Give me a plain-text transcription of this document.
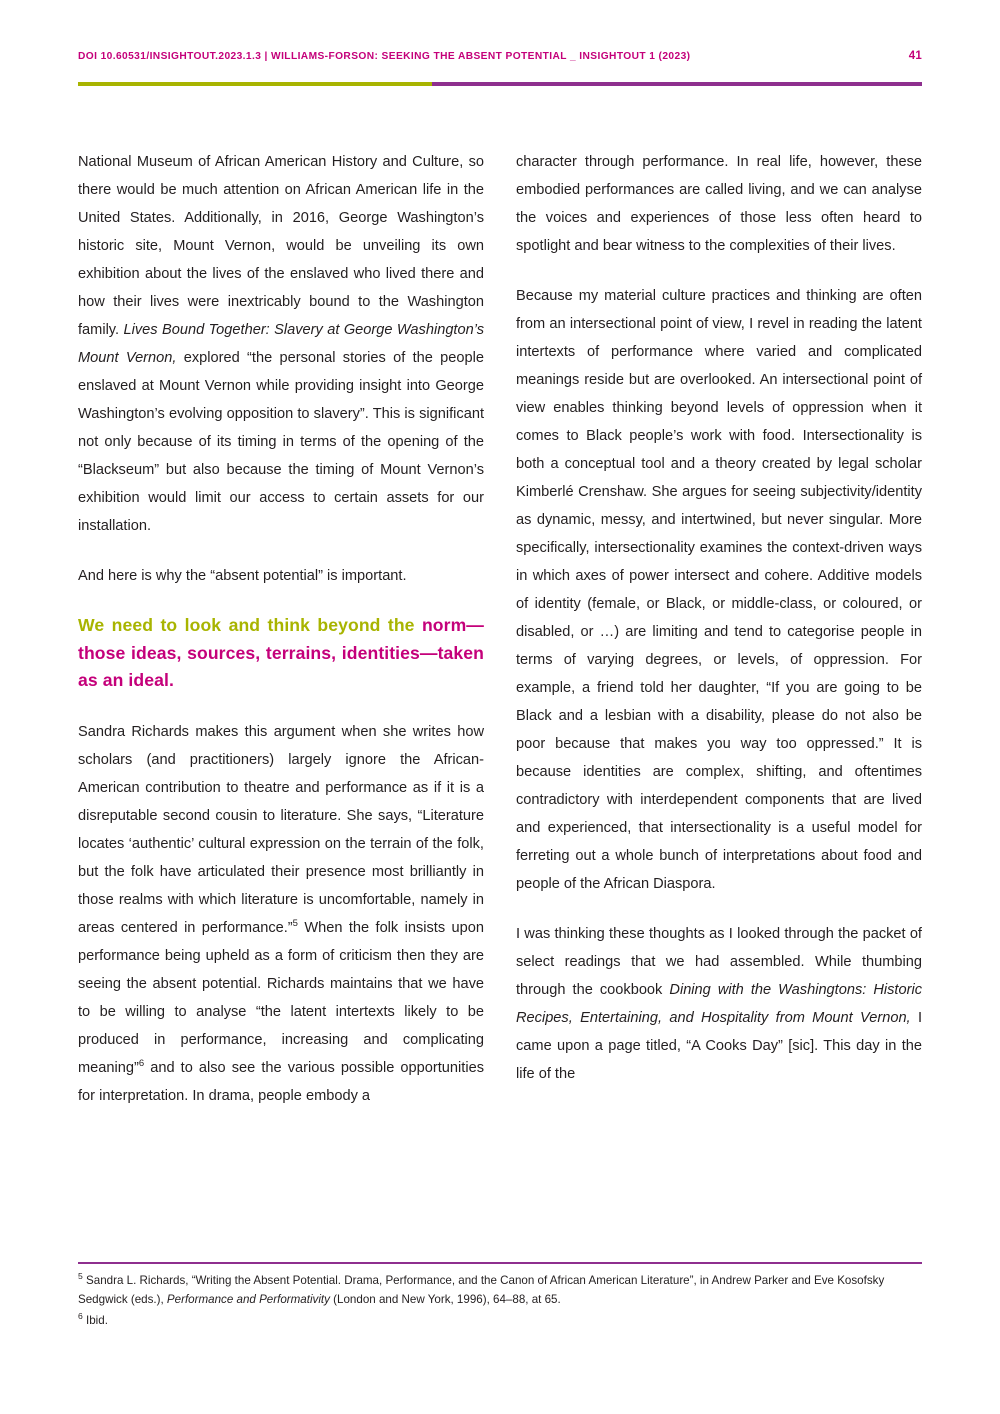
DOI 10.60531/INSIGHTOUT.2023.1.3 | WILLIAMS-FORSON: SEEKING THE ABSENT POTENTIAL _ INSIGHTOUT 1 (2023)	41

National Museum of African American History and Culture, so there would be much attention on African American life in the United States. Additionally, in 2016, George Washington’s historic site, Mount Vernon, would be unveiling its own exhibition about the lives of the enslaved who lived there and how their lives were inextricably bound to the Washington family. Lives Bound Together: Slavery at George Washington’s Mount Vernon, explored “the personal stories of the people enslaved at Mount Vernon while providing insight into George Washington’s evolving opposition to slavery”. This is significant not only because of its timing in terms of the opening of the “Blackseum” but also because the timing of Mount Vernon’s exhibition would limit our access to certain assets for our installation.

And here is why the “absent potential” is important.

We need to look and think beyond the norm—those ideas, sources, terrains, identities—taken as an ideal.

Sandra Richards makes this argument when she writes how scholars (and practitioners) largely ignore the African-American contribution to theatre and performance as if it is a disreputable second cousin to literature. She says, “Literature locates ‘authentic’ cultural expression on the terrain of the folk, but the folk have articulated their presence most brilliantly in those realms with which literature is uncomfortable, namely in areas centered in performance.”$^5$ When the folk insists upon performance being upheld as a form of criticism then they are seeing the absent potential. Richards maintains that we have to be willing to analyse “the latent intertexts likely to be produced in performance, increasing and complicating meaning”$^6$ and to also see the various possible opportunities for interpretation. In drama, people embody a

character through performance. In real life, however, these embodied performances are called living, and we can analyse the voices and experiences of those less often heard to spotlight and bear witness to the complexities of their lives.

Because my material culture practices and thinking are often from an intersectional point of view, I revel in reading the latent intertexts of performance where varied and complicated meanings reside but are overlooked. An intersectional point of view enables thinking beyond levels of oppression when it comes to Black people’s work with food. Intersectionality is both a conceptual tool and a theory created by legal scholar Kimberlé Crenshaw. She argues for seeing subjectivity/identity as dynamic, messy, and intertwined, but never singular. More specifically, intersectionality examines the context-driven ways in which axes of power intersect and cohere. Additive models of identity (female, or Black, or middle-class, or coloured, or disabled, or …) are limiting and tend to categorise people in terms of varying degrees, or levels, of oppression. For example, a friend told her daughter, “If you are going to be Black and a lesbian with a disability, please do not also be poor because that makes you way too oppressed.” It is because identities are complex, shifting, and oftentimes contradictory with interdependent components that are lived and experienced, that intersectionality is a useful model for ferreting out a whole bunch of interpretations about food and people of the African Diaspora.

I was thinking these thoughts as I looked through the packet of select readings that we had assembled. While thumbing through the cookbook Dining with the Washingtons: Historic Recipes, Entertaining, and Hospitality from Mount Vernon, I came upon a page titled, “A Cooks Day” [sic]. This day in the life of the

$^5$ Sandra L. Richards, “Writing the Absent Potential. Drama, Performance, and the Canon of African American Literature”, in Andrew Parker and Eve Kosofsky Sedgwick (eds.), Performance and Performativity (London and New York, 1996), 64–88, at 65.

$^6$ Ibid.
